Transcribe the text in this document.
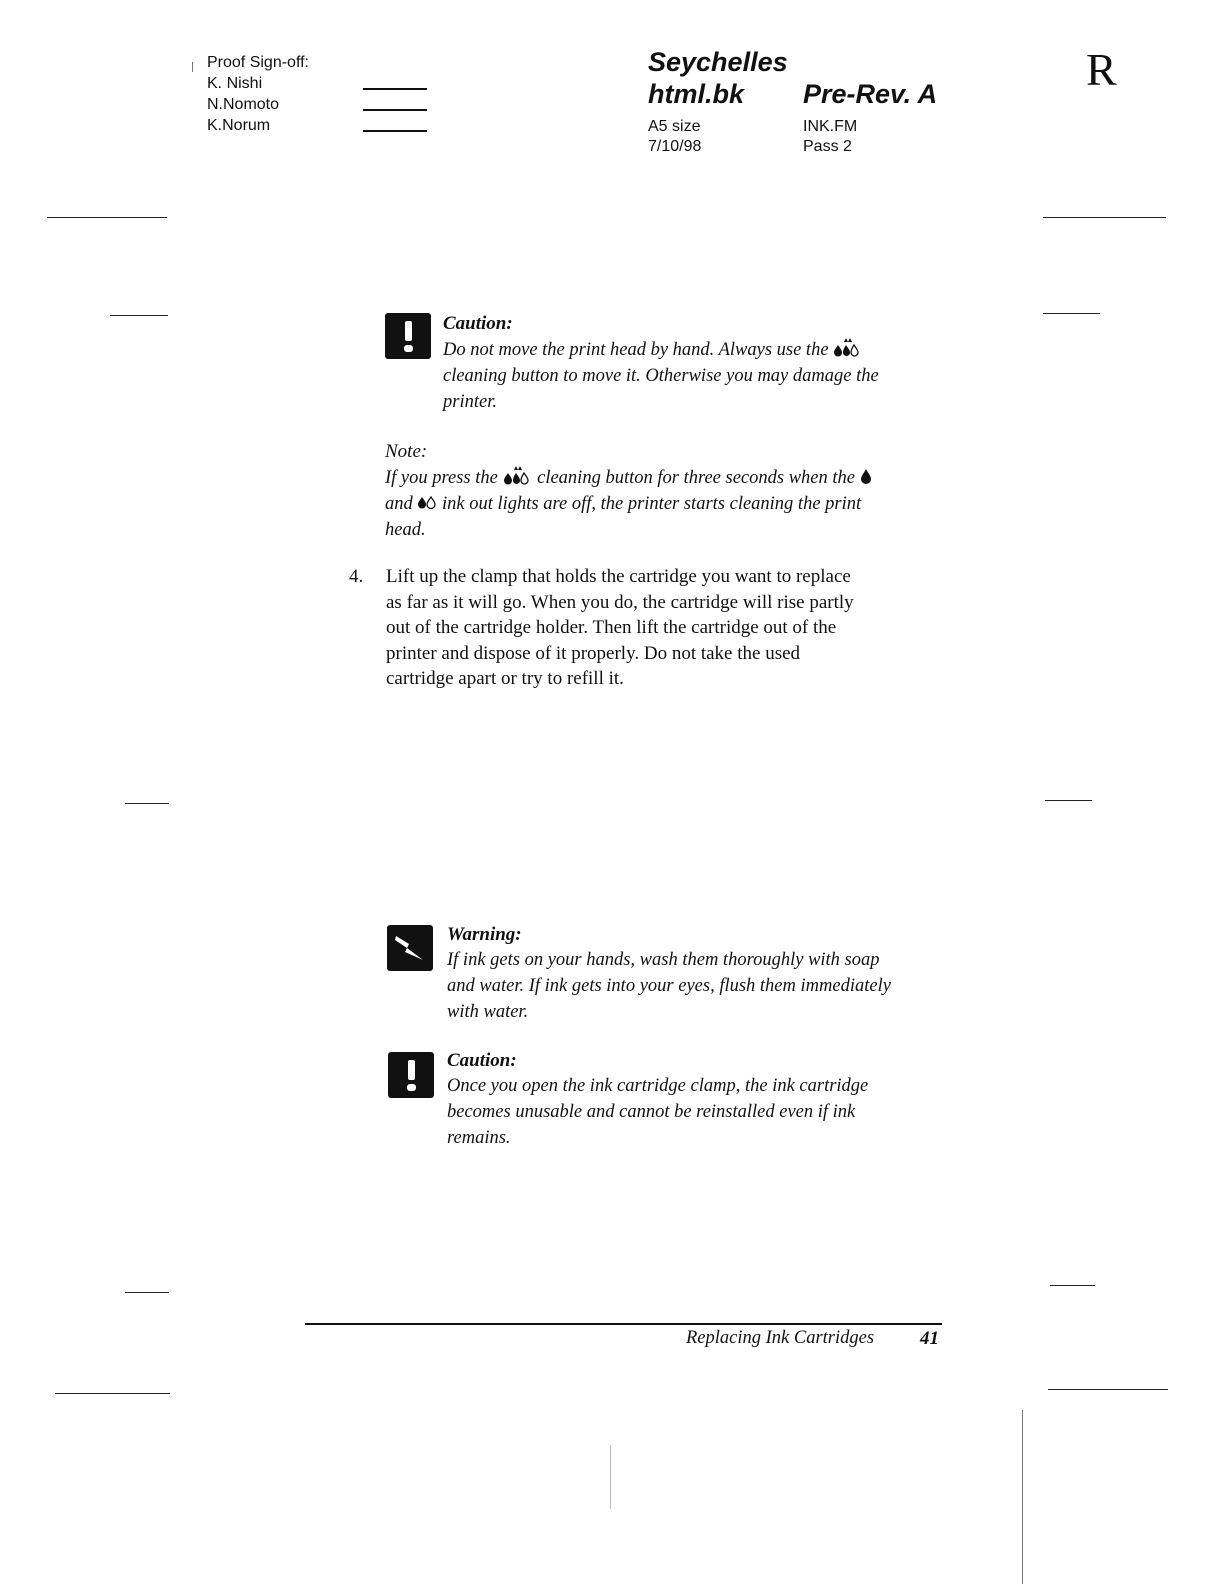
Proof Sign-off:
K. Nishi
N.Nomoto
K.Norum
Seychelles
html.bk	Pre-Rev. A
A5 size
7/10/98
INK.FM
Pass 2
R
Caution:
Do not move the print head by hand. Always use the
cleaning button to move it. Otherwise you may damage the
printer.
Note:
If you press the cleaning button for three seconds when the
and ink out lights are off, the printer starts cleaning the print
head.
4. Lift up the clamp that holds the cartridge you want to replace
as far as it will go. When you do, the cartridge will rise partly
out of the cartridge holder. Then lift the cartridge out of the
printer and dispose of it properly. Do not take the used
cartridge apart or try to refill it.
Warning:
If ink gets on your hands, wash them thoroughly with soap
and water. If ink gets into your eyes, flush them immediately
with water.
Caution:
Once you open the ink cartridge clamp, the ink cartridge
becomes unusable and cannot be reinstalled even if ink
remains.
Replacing Ink Cartridges 41
